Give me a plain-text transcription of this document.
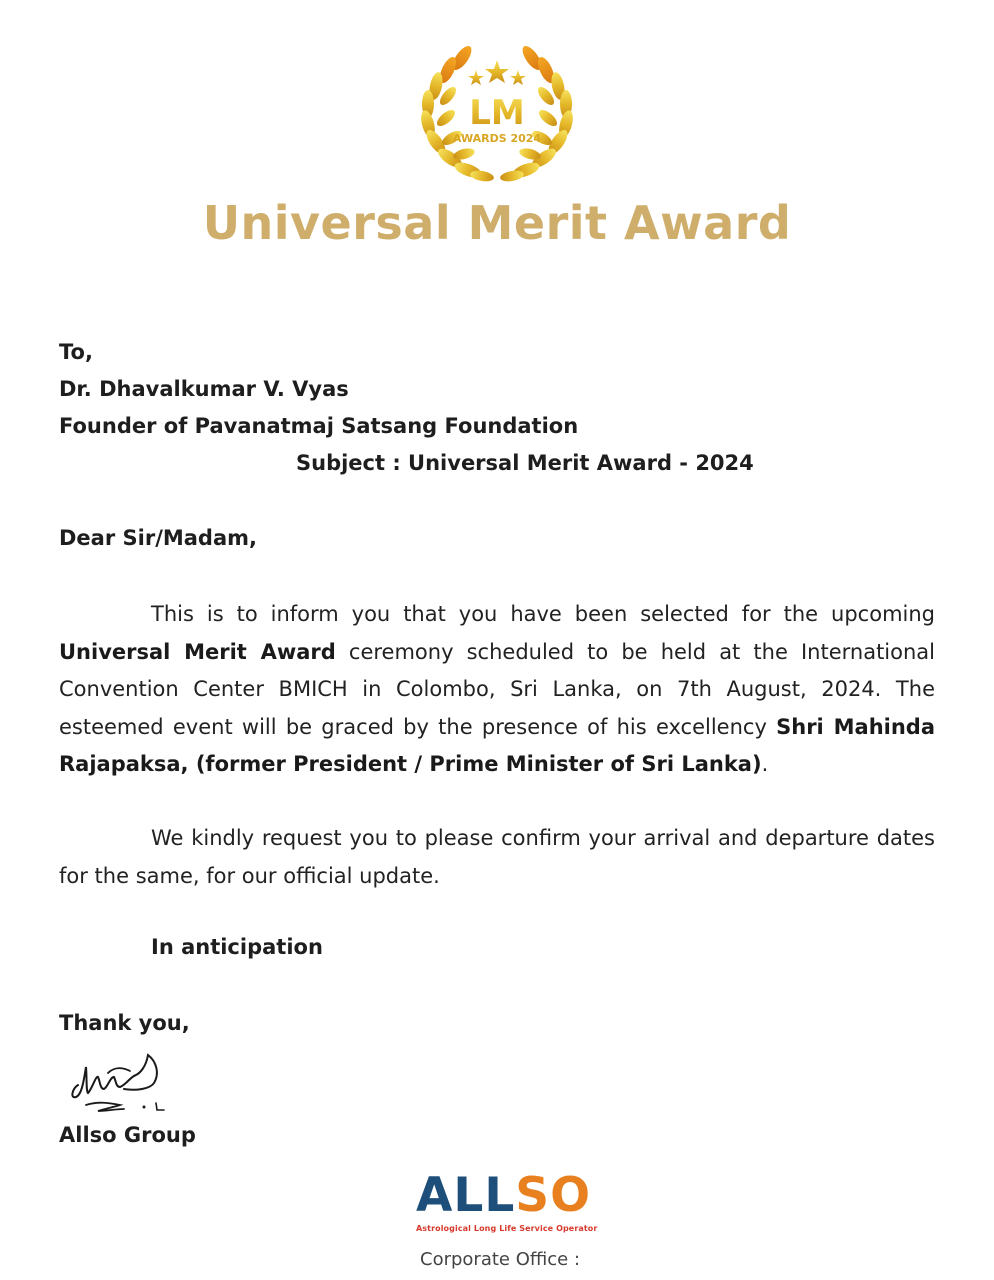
LM
AWARDS 2024
Universal Merit Award
To,
Dr. Dhavalkumar V. Vyas
Founder of Pavanatmaj Satsang Foundation
Subject : Universal Merit Award - 2024
Dear Sir/Madam,
This is to inform you that you have been selected for the upcoming Universal Merit Award ceremony scheduled to be held at the International Convention Center BMICH in Colombo, Sri Lanka, on 7th August, 2024. The esteemed event will be graced by the presence of his excellency Shri Mahinda Rajapaksa, (former President / Prime Minister of Sri Lanka).
We kindly request you to please confirm your arrival and departure dates for the same, for our official update.
In anticipation
Thank you,
Allso Group
ALLSO
Astrological Long Life Service Operator
Corporate Office :
